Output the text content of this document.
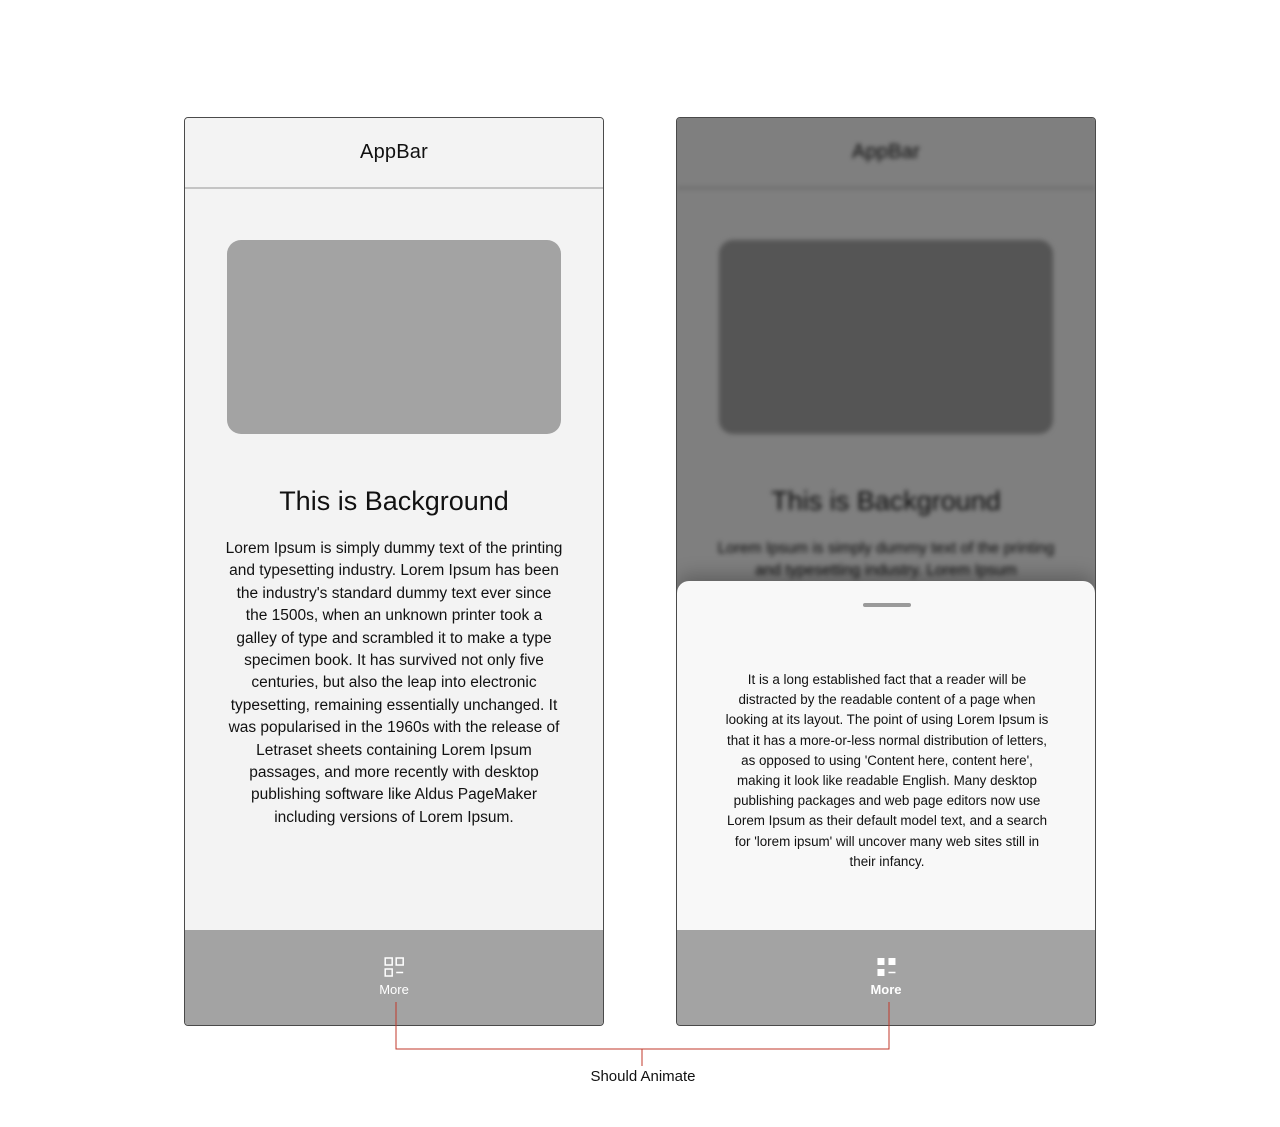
AppBar
This is Background
Lorem Ipsum is simply dummy text of the printing and typesetting industry. Lorem Ipsum has been the industry's standard dummy text ever since the 1500s, when an unknown printer took a galley of type and scrambled it to make a type specimen book. It has survived not only five centuries, but also the leap into electronic typesetting, remaining essentially unchanged. It was popularised in the 1960s with the release of Letraset sheets containing Lorem Ipsum passages, and more recently with desktop publishing software like Aldus PageMaker including versions of Lorem Ipsum.
More
AppBar
This is Background
Lorem Ipsum is simply dummy text of the printing and typesetting industry. Lorem Ipsum
It is a long established fact that a reader will be distracted by the readable content of a page when looking at its layout. The point of using Lorem Ipsum is that it has a more-or-less normal distribution of letters, as opposed to using 'Content here, content here', making it look like readable English. Many desktop publishing packages and web page editors now use Lorem Ipsum as their default model text, and a search for 'lorem ipsum' will uncover many web sites still in their infancy.
More
Should Animate
